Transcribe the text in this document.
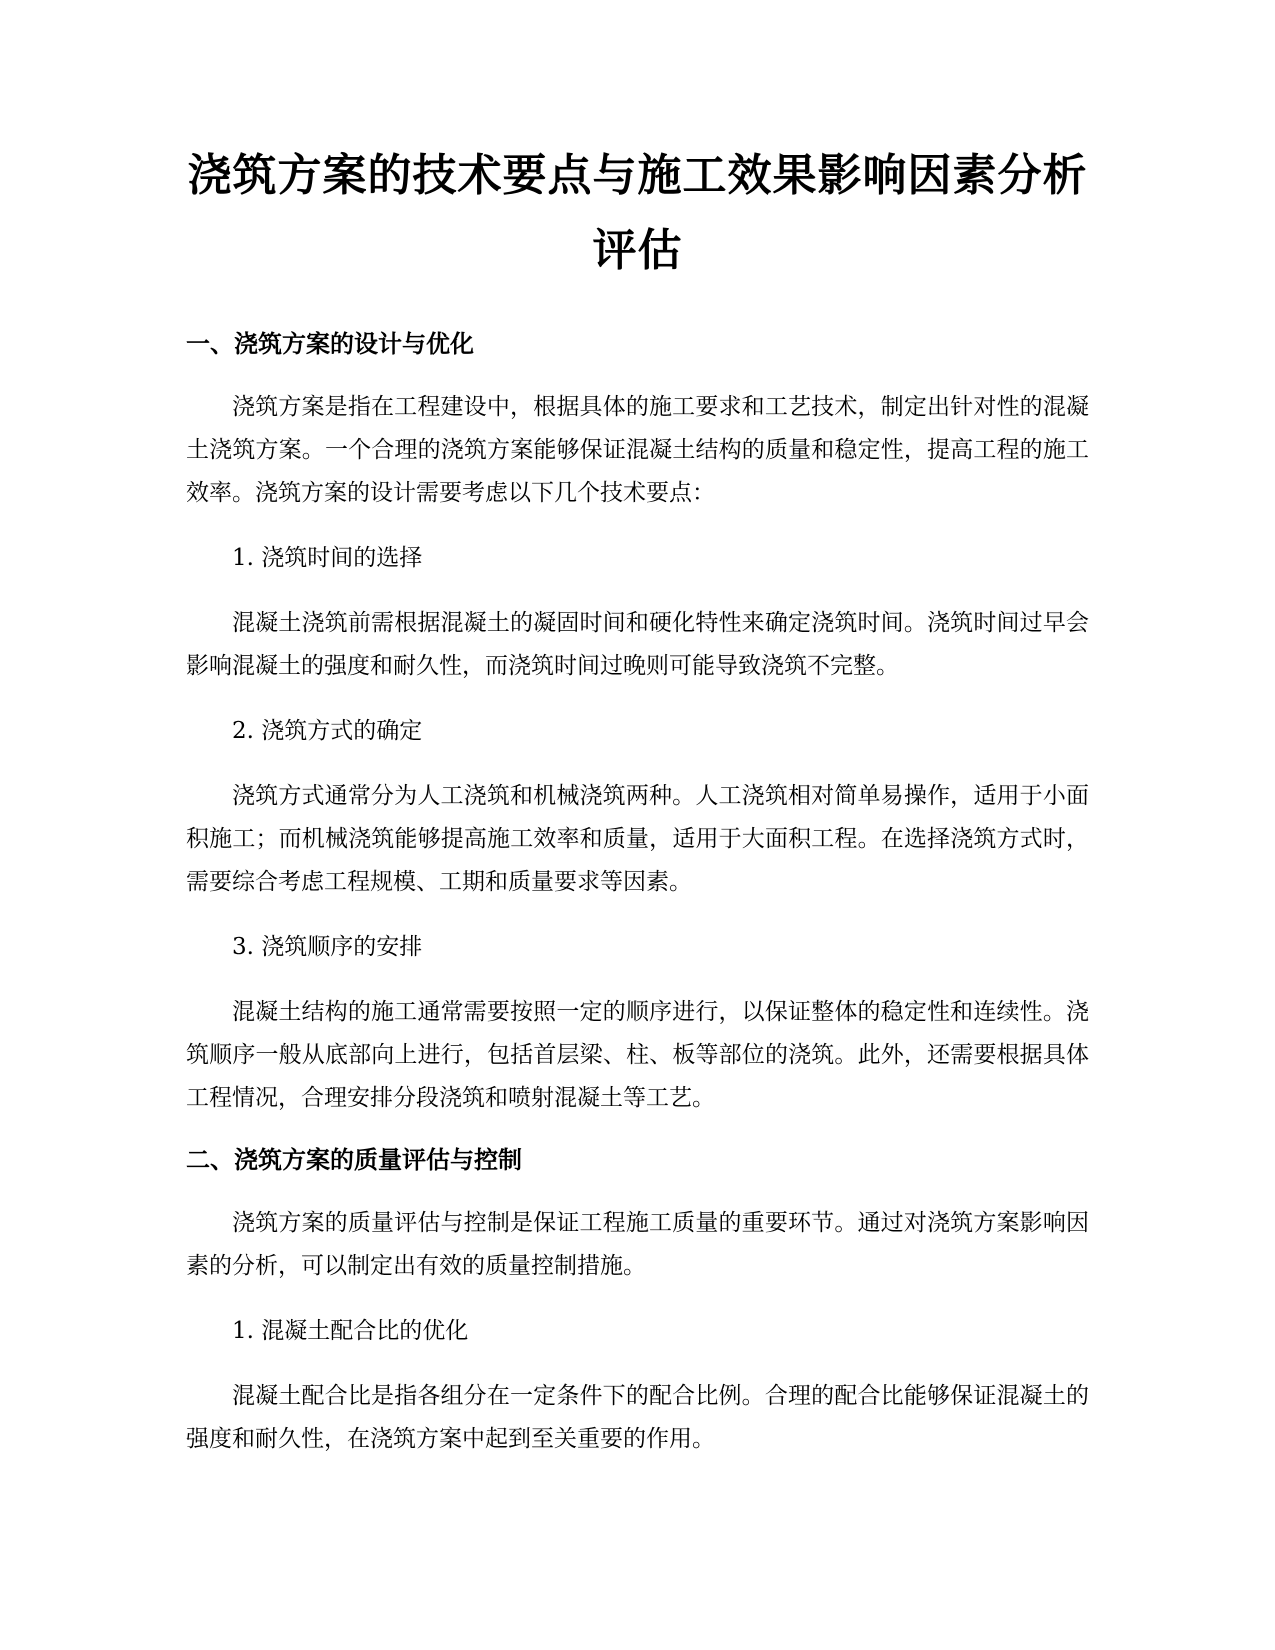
浇筑方案的技术要点与施工效果影响因素分析评估
一、浇筑方案的设计与优化

浇筑方案是指在工程建设中，根据具体的施工要求和工艺技术，制定出针对性的混凝土浇筑方案。一个合理的浇筑方案能够保证混凝土结构的质量和稳定性，提高工程的施工效率。浇筑方案的设计需要考虑以下几个技术要点：

1. 浇筑时间的选择

混凝土浇筑前需根据混凝土的凝固时间和硬化特性来确定浇筑时间。浇筑时间过早会影响混凝土的强度和耐久性，而浇筑时间过晚则可能导致浇筑不完整。

2. 浇筑方式的确定

浇筑方式通常分为人工浇筑和机械浇筑两种。人工浇筑相对简单易操作，适用于小面积施工；而机械浇筑能够提高施工效率和质量，适用于大面积工程。在选择浇筑方式时，需要综合考虑工程规模、工期和质量要求等因素。

3. 浇筑顺序的安排

混凝土结构的施工通常需要按照一定的顺序进行，以保证整体的稳定性和连续性。浇筑顺序一般从底部向上进行，包括首层梁、柱、板等部位的浇筑。此外，还需要根据具体工程情况，合理安排分段浇筑和喷射混凝土等工艺。

二、浇筑方案的质量评估与控制

浇筑方案的质量评估与控制是保证工程施工质量的重要环节。通过对浇筑方案影响因素的分析，可以制定出有效的质量控制措施。

1. 混凝土配合比的优化

混凝土配合比是指各组分在一定条件下的配合比例。合理的配合比能够保证混凝土的强度和耐久性，在浇筑方案中起到至关重要的作用。
